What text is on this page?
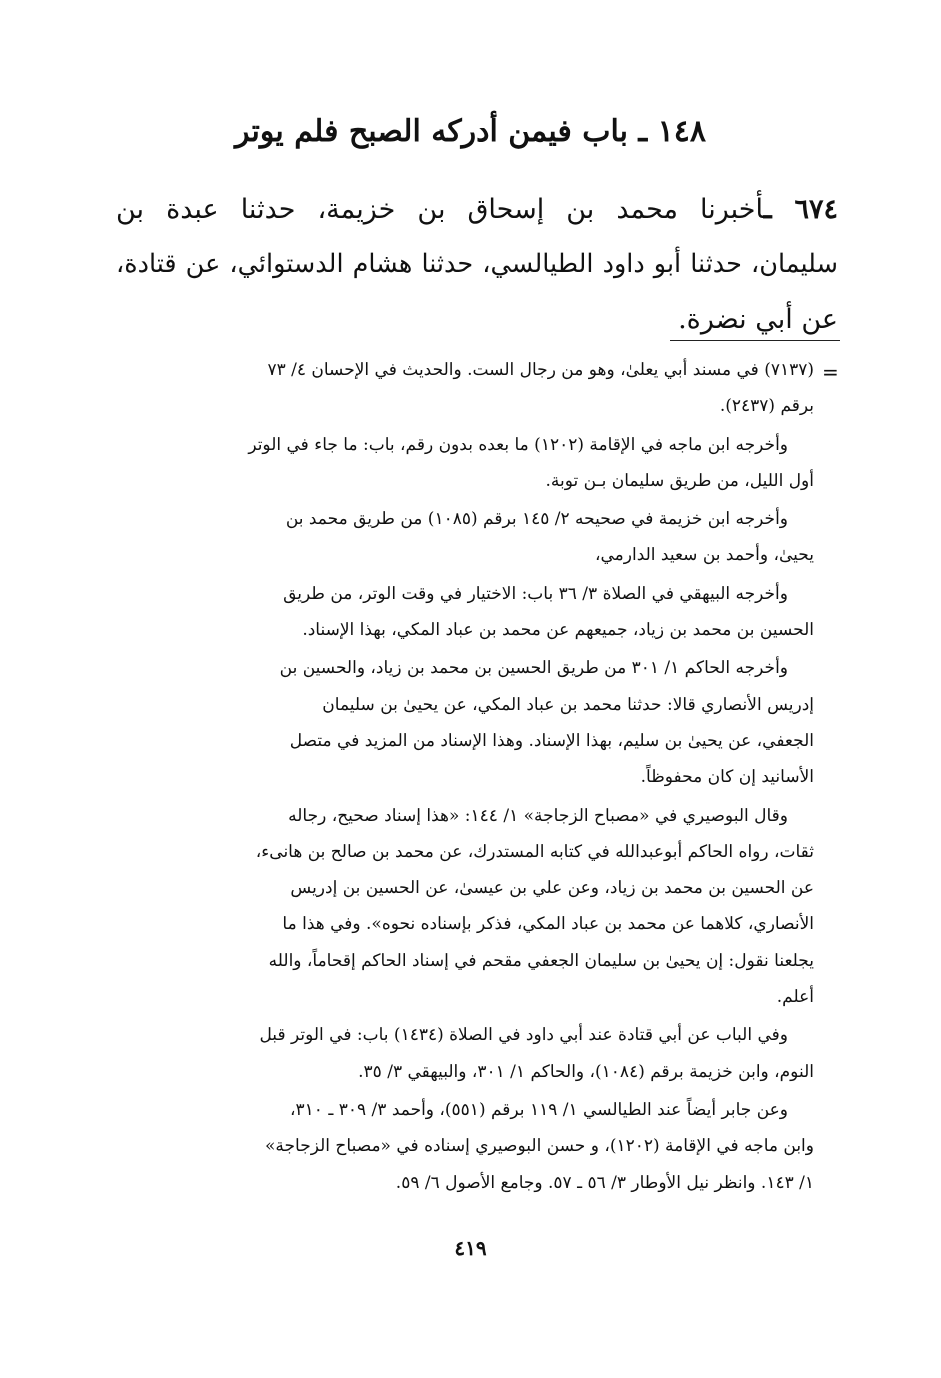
١٤٨ ـ باب فيمن أدركه الصبح فلم يوتر
٦٧٤ ـأخبرنا محمد بن إسحاق بن خزيمة، حدثنا عبدة بن
سليمان، حدثنا أبو داود الطيالسي، حدثنا هشام الدستوائي، عن قتادة،
عن أبي نضرة.
=

(٧١٣٧) في مسند أبي يعلىٰ، وهو من رجال الست. والحديث في الإحسان ٤/ ٧٣
برقم (٢٤٣٧).

وأخرجه ابن ماجه في الإقامة (١٢٠٢) ما بعده بدون رقم، باب: ما جاء في الوتر
أول الليل، من طريق سليمان بـن توبة.

وأخرجه ابن خزيمة في صحيحه ٢/ ١٤٥ برقم (١٠٨٥) من طريق محمد بن
يحيىٰ، وأحمد بن سعيد الدارمي،

وأخرجه البيهقي في الصلاة ٣/ ٣٦ باب: الاختيار في وقت الوتر، من طريق
الحسين بن محمد بن زياد، جميعهم عن محمد بن عباد المكي، بهذا الإسناد.

وأخرجه الحاكم ١/ ٣٠١ من طريق الحسين بن محمد بن زياد، والحسين بن
إدريس الأنصاري قالا: حدثنا محمد بن عباد المكي، عن يحيىٰ بن سليمان
الجعفي، عن يحيىٰ بن سليم، بهذا الإسناد. وهذا الإسناد من المزيد في متصل
الأسانيد إن كان محفوظاً.

وقال البوصيري في «مصباح الزجاجة» ١/ ١٤٤: «هذا إسناد صحيح، رجاله
ثقات، رواه الحاكم أبوعبدالله في كتابه المستدرك، عن محمد بن صالح بن هانىء،
عن الحسين بن محمد بن زياد، وعن علي بن عيسىٰ، عن الحسين بن إدريس
الأنصاري، كلاهما عن محمد بن عباد المكي، فذكر بإسناده نحوه». وفي هذا ما
يجلعنا نقول: إن يحيىٰ بن سليمان الجعفي مقحم في إسناد الحاكم إقحاماً، والله
أعلم.

وفي الباب عن أبي قتادة عند أبي داود في الصلاة (١٤٣٤) باب: في الوتر قبل
النوم، وابن خزيمة برقم (١٠٨٤)، والحاكم ١/ ٣٠١، والبيهقي ٣/ ٣٥.

وعن جابر أيضاً عند الطيالسي ١/ ١١٩ برقم (٥٥١)، وأحمد ٣/ ٣٠٩ ـ ٣١٠،
وابن ماجه في الإقامة (١٢٠٢)، و حسن البوصيري إسناده في «مصباح الزجاجة»
١/ ١٤٣. وانظر نيل الأوطار ٣/ ٥٦ ـ ٥٧. وجامع الأصول ٦/ ٥٩.

٤١٩
